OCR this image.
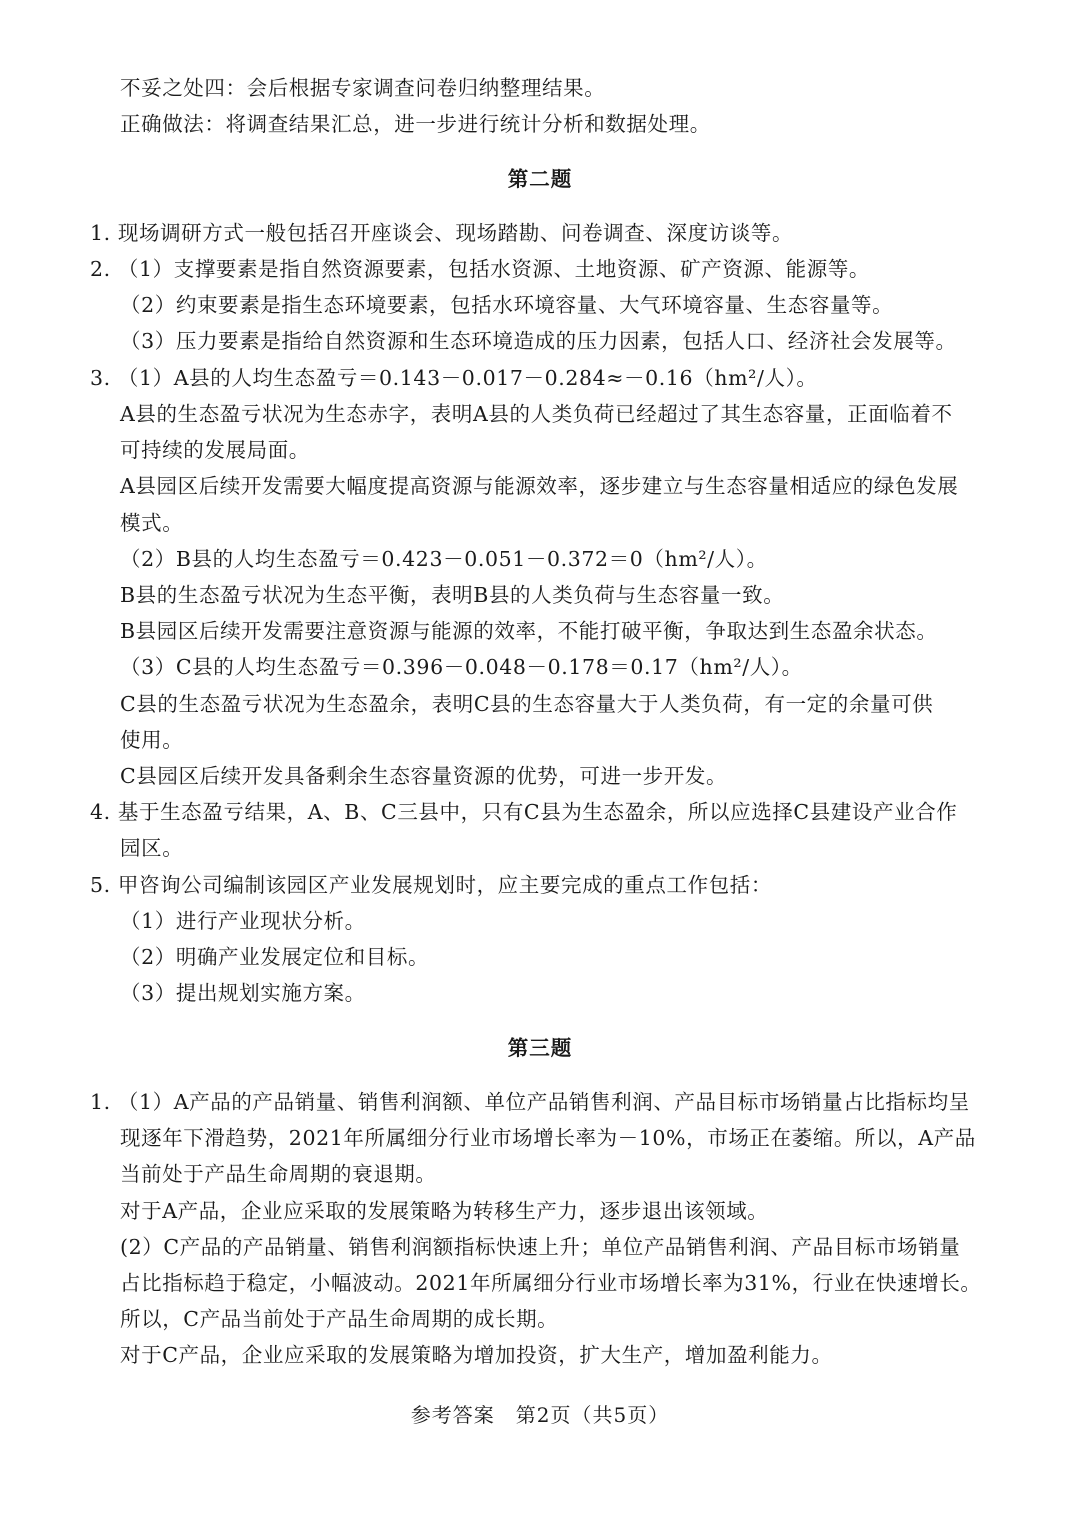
不妥之处四：会后根据专家调查问卷归纳整理结果。
正确做法：将调查结果汇总，进一步进行统计分析和数据处理。
第二题
1. 现场调研方式一般包括召开座谈会、现场踏勘、问卷调查、深度访谈等。
2. （1）支撑要素是指自然资源要素，包括水资源、土地资源、矿产资源、能源等。
（2）约束要素是指生态环境要素，包括水环境容量、大气环境容量、生态容量等。
（3）压力要素是指给自然资源和生态环境造成的压力因素，包括人口、经济社会发展等。
3. （1）A县的人均生态盈亏＝0.143－0.017－0.284≈－0.16（hm²/人）。
A县的生态盈亏状况为生态赤字，表明A县的人类负荷已经超过了其生态容量，正面临着不
可持续的发展局面。
A县园区后续开发需要大幅度提高资源与能源效率，逐步建立与生态容量相适应的绿色发展
模式。
（2）B县的人均生态盈亏＝0.423－0.051－0.372＝0（hm²/人）。
B县的生态盈亏状况为生态平衡，表明B县的人类负荷与生态容量一致。
B县园区后续开发需要注意资源与能源的效率，不能打破平衡，争取达到生态盈余状态。
（3）C县的人均生态盈亏＝0.396－0.048－0.178＝0.17（hm²/人）。
C县的生态盈亏状况为生态盈余，表明C县的生态容量大于人类负荷，有一定的余量可供
使用。
C县园区后续开发具备剩余生态容量资源的优势，可进一步开发。
4. 基于生态盈亏结果，A、B、C三县中，只有C县为生态盈余，所以应选择C县建设产业合作
园区。
5. 甲咨询公司编制该园区产业发展规划时，应主要完成的重点工作包括：
（1）进行产业现状分析。
（2）明确产业发展定位和目标。
（3）提出规划实施方案。
第三题
1. （1）A产品的产品销量、销售利润额、单位产品销售利润、产品目标市场销量占比指标均呈
现逐年下滑趋势，2021年所属细分行业市场增长率为－10%，市场正在萎缩。所以，A产品
当前处于产品生命周期的衰退期。
对于A产品，企业应采取的发展策略为转移生产力，逐步退出该领域。
(2）C产品的产品销量、销售利润额指标快速上升；单位产品销售利润、产品目标市场销量
占比指标趋于稳定，小幅波动。2021年所属细分行业市场增长率为31%，行业在快速增长。
所以，C产品当前处于产品生命周期的成长期。
对于C产品，企业应采取的发展策略为增加投资，扩大生产，增加盈利能力。
参考答案　第2页（共5页）
